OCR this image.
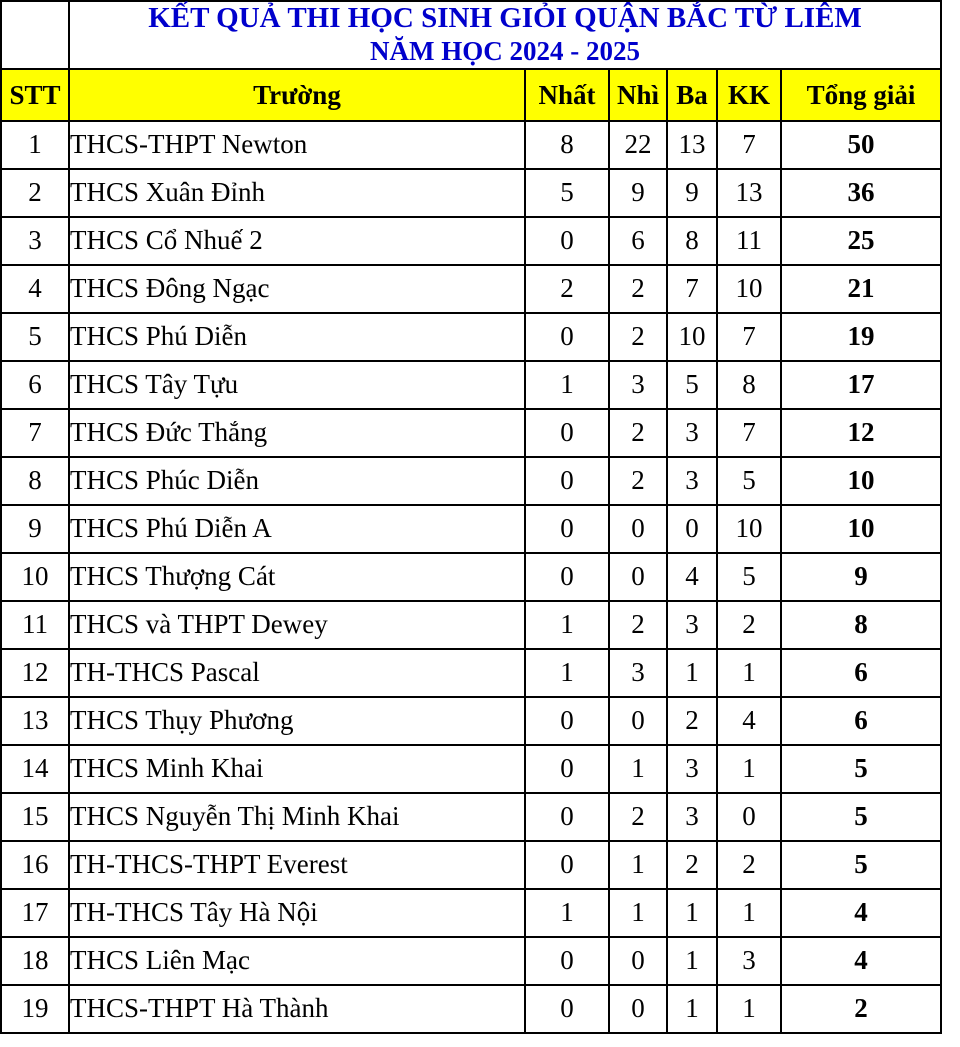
	KẾT QUẢ THI HỌC SINH GIỎI QUẬN BẮC TỪ LIÊM
NĂM HỌC 2024 - 2025					

STT	Trường	Nhất	Nhì	Ba	KK	Tổng giải
1	THCS-THPT Newton	8	22	13	7	50
2	THCS Xuân Đỉnh	5	9	9	13	36
3	THCS Cổ Nhuế 2	0	6	8	11	25
4	THCS Đông Ngạc	2	2	7	10	21
5	THCS Phú Diễn	0	2	10	7	19
6	THCS Tây Tựu	1	3	5	8	17
7	THCS Đức Thắng	0	2	3	7	12
8	THCS Phúc Diễn	0	2	3	5	10
9	THCS Phú Diễn A	0	0	0	10	10
10	THCS Thượng Cát	0	0	4	5	9
11	THCS và THPT Dewey	1	2	3	2	8
12	TH-THCS Pascal	1	3	1	1	6
13	THCS Thụy Phương	0	0	2	4	6
14	THCS Minh Khai	0	1	3	1	5
15	THCS Nguyễn Thị Minh Khai	0	2	3	0	5
16	TH-THCS-THPT Everest	0	1	2	2	5
17	TH-THCS Tây Hà Nội	1	1	1	1	4
18	THCS Liên Mạc	0	0	1	3	4
19	THCS-THPT Hà Thành	0	0	1	1	2
